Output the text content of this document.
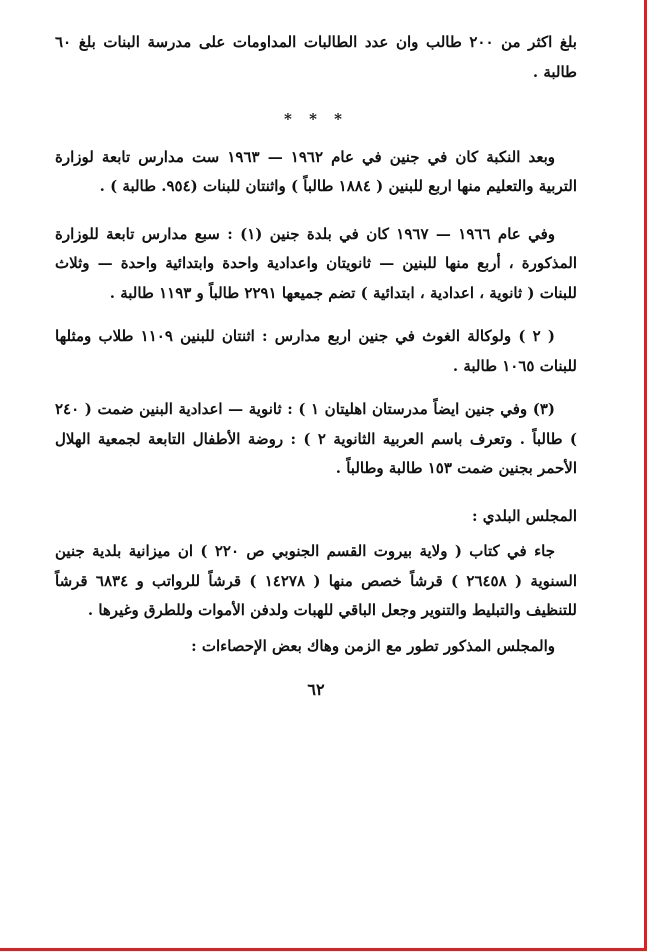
بلغ اكثر من ٢٠٠ طالب وان عدد الطالبات المداومات على مدرسة البنات بلغ ٦٠ طالبة .

* * *

وبعد النكبة كان في جنين في عام ١٩٦٢ — ١٩٦٣ ست مدارس تابعة لوزارة التربية والتعليم منها اربع للبنين ( ١٨٨٤ طالباً ) واثنتان للبنات (٩٥٤. طالبة ) .

وفي عام ١٩٦٦ — ١٩٦٧ كان في بلدة جنين (١) : سبع مدارس تابعة للوزارة المذكورة ، أربع منها للبنين — ثانويتان واعدادية واحدة وابتدائية واحدة — وثلاث للبنات ( ثانوية ، اعدادية ، ابتدائية ) تضم جميعها ٢٢٩١ طالباً و ١١٩٣ طالبة .

( ٢ ) ولوكالة الغوث في جنين اربع مدارس : اثنتان للبنين ١١٠٩ طلاب ومثلها للبنات ١٠٦٥ طالبة .

(٣) وفي جنين ايضاً مدرستان اهليتان ١ ) : ثانوية — اعدادية البنين ضمت ( ٢٤٠ ) طالباً . وتعرف باسم العربية الثانوية ٢ ) : روضة الأطفال التابعة لجمعية الهلال الأحمر بجنين ضمت ١٥٣ طالبة وطالباً .

المجلس البلدي :

جاء في كتاب ( ولاية بيروت القسم الجنوبي ص ٢٢٠ ) ان ميزانية بلدية جنين السنوية ( ٢٦٤٥٨ ) قرشاً خصص منها ( ١٤٢٧٨ ) قرشاً للرواتب و ٦٨٣٤ قرشاً للتنظيف والتبليط والتنوير وجعل الباقي للهبات ولدفن الأموات وللطرق وغيرها .

والمجلس المذكور تطور مع الزمن وهاك بعض الإحصاءات :

٦٢
